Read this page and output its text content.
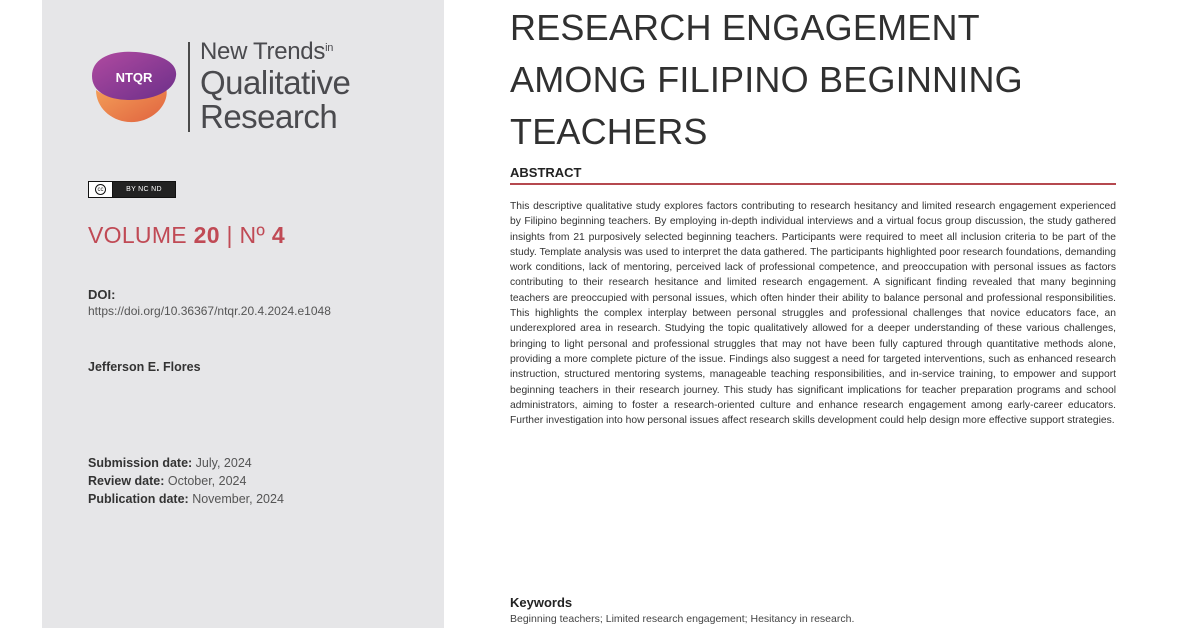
NTQR
New Trends$^{in}$
Qualitative
Research
cc	BY NC ND
VOLUME 20 | Nº 4
DOI:
https://doi.org/10.36367/ntqr.20.4.2024.e1048
Jefferson E. Flores
Submission date: July, 2024
Review date: October, 2024
Publication date: November, 2024
RESEARCH ENGAGEMENT AMONG FILIPINO BEGINNING TEACHERS
ABSTRACT
This descriptive qualitative study explores factors contributing to research hesitancy and limited research engagement experienced by Filipino beginning teachers. By employing in-depth individual interviews and a virtual focus group discussion, the study gathered insights from 21 purposively selected beginning teachers. Participants were required to meet all inclusion criteria to be part of the study. Template analysis was used to interpret the data gathered. The participants highlighted poor research foundations, demanding work conditions, lack of mentoring, perceived lack of professional competence, and preoccupation with personal issues as factors contributing to their research hesitance and limited research engagement. A significant finding revealed that many beginning teachers are preoccupied with personal issues, which often hinder their ability to balance personal and professional responsibilities. This highlights the complex interplay between personal struggles and professional challenges that novice educators face, an underexplored area in research. Studying the topic qualitatively allowed for a deeper understanding of these various challenges, bringing to light personal and professional struggles that may not have been fully captured through quantitative methods alone, providing a more complete picture of the issue. Findings also suggest a need for targeted interventions, such as enhanced research instruction, structured mentoring systems, manageable teaching responsibilities, and in-service training, to empower and support beginning teachers in their research journey. This study has significant implications for teacher preparation programs and school administrators, aiming to foster a research-oriented culture and enhance research engagement among early-career educators. Further investigation into how personal issues affect research skills development could help design more effective support strategies.
Keywords
Beginning teachers; Limited research engagement; Hesitancy in research.
